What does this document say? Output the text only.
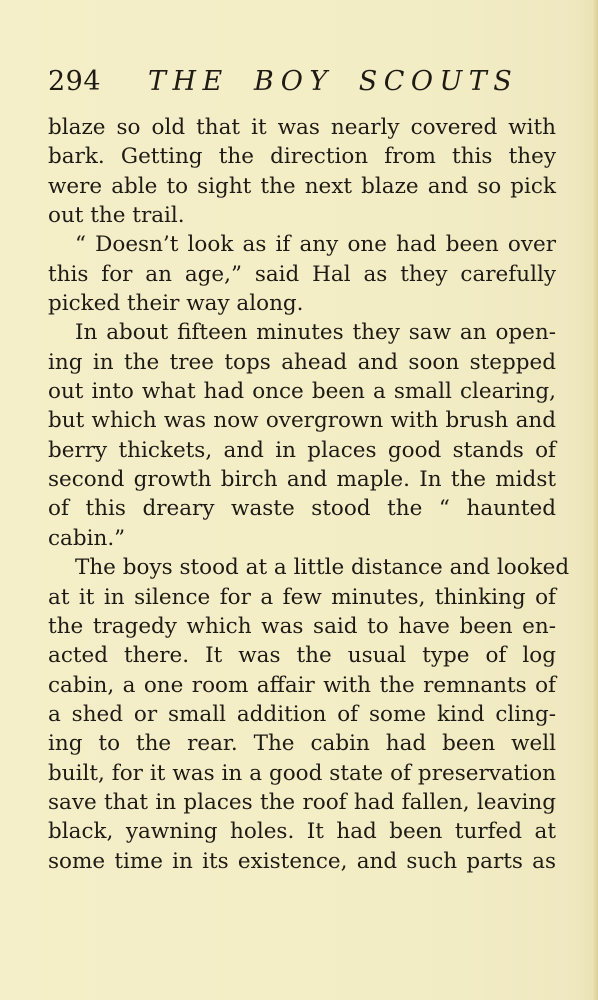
294 THE BOY SCOUTS
blaze so old that it was nearly covered with
bark. Getting the direction from this they
were able to sight the next blaze and so pick
out the trail.
“ Doesn’t look as if any one had been over
this for an age,” said Hal as they carefully
picked their way along.
In about fifteen minutes they saw an open-
ing in the tree tops ahead and soon stepped
out into what had once been a small clearing,
but which was now overgrown with brush and
berry thickets, and in places good stands of
second growth birch and maple. In the midst
of this dreary waste stood the “ haunted
cabin.”
The boys stood at a little distance and looked
at it in silence for a few minutes, thinking of
the tragedy which was said to have been en-
acted there. It was the usual type of log
cabin, a one room affair with the remnants of
a shed or small addition of some kind cling-
ing to the rear. The cabin had been well
built, for it was in a good state of preservation
save that in places the roof had fallen, leaving
black, yawning holes. It had been turfed at
some time in its existence, and such parts as
